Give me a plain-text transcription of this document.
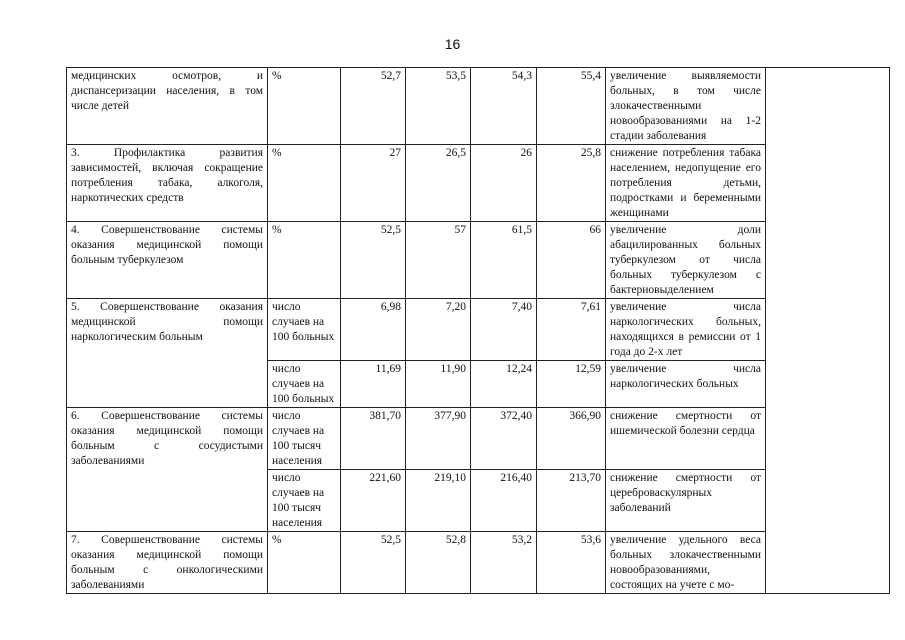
16
медицинских осмотров, и диспансеризации населения, в том числе детей	%	52,7	53,5	54,3	55,4	увеличение выявляемости больных, в том числе злокачественными новообразованиями на 1-2 стадии заболевания	
3. Профилактика развития зависимостей, включая сокращение потребления табака, алкоголя, наркотических средств	%	27	26,5	26	25,8	снижение потребления табака населением, недопущение его потребления детьми, подростками и беременными женщинами	
4. Совершенствование системы оказания медицинской помощи больным туберкулезом	%	52,5	57	61,5	66	увеличение доли абацилированных больных туберкулезом от числа больных туберкулезом с бактериовыделением	
5. Совершенствование оказания медицинской помощи наркологическим больным	число случаев на 100 больных	6,98	7,20	7,40	7,61	увеличение числа наркологических больных, находящихся в ремиссии от 1 года до 2-х лет	
	число случаев на 100 больных	11,69	11,90	12,24	12,59	увеличение числа наркологических больных	
6. Совершенствование системы оказания медицинской помощи больным с сосудистыми заболеваниями	число случаев на 100 тысяч населения	381,70	377,90	372,40	366,90	снижение смертности от ишемической болезни сердца	
	число случаев на 100 тысяч населения	221,60	219,10	216,40	213,70	снижение смертности от цереброваскулярных заболеваний	
7. Совершенствование системы оказания медицинской помощи больным с онкологическими заболеваниями	%	52,5	52,8	53,2	53,6	увеличение удельного веса больных злокачественными новообразованиями, состоящих на учете с мо-	
